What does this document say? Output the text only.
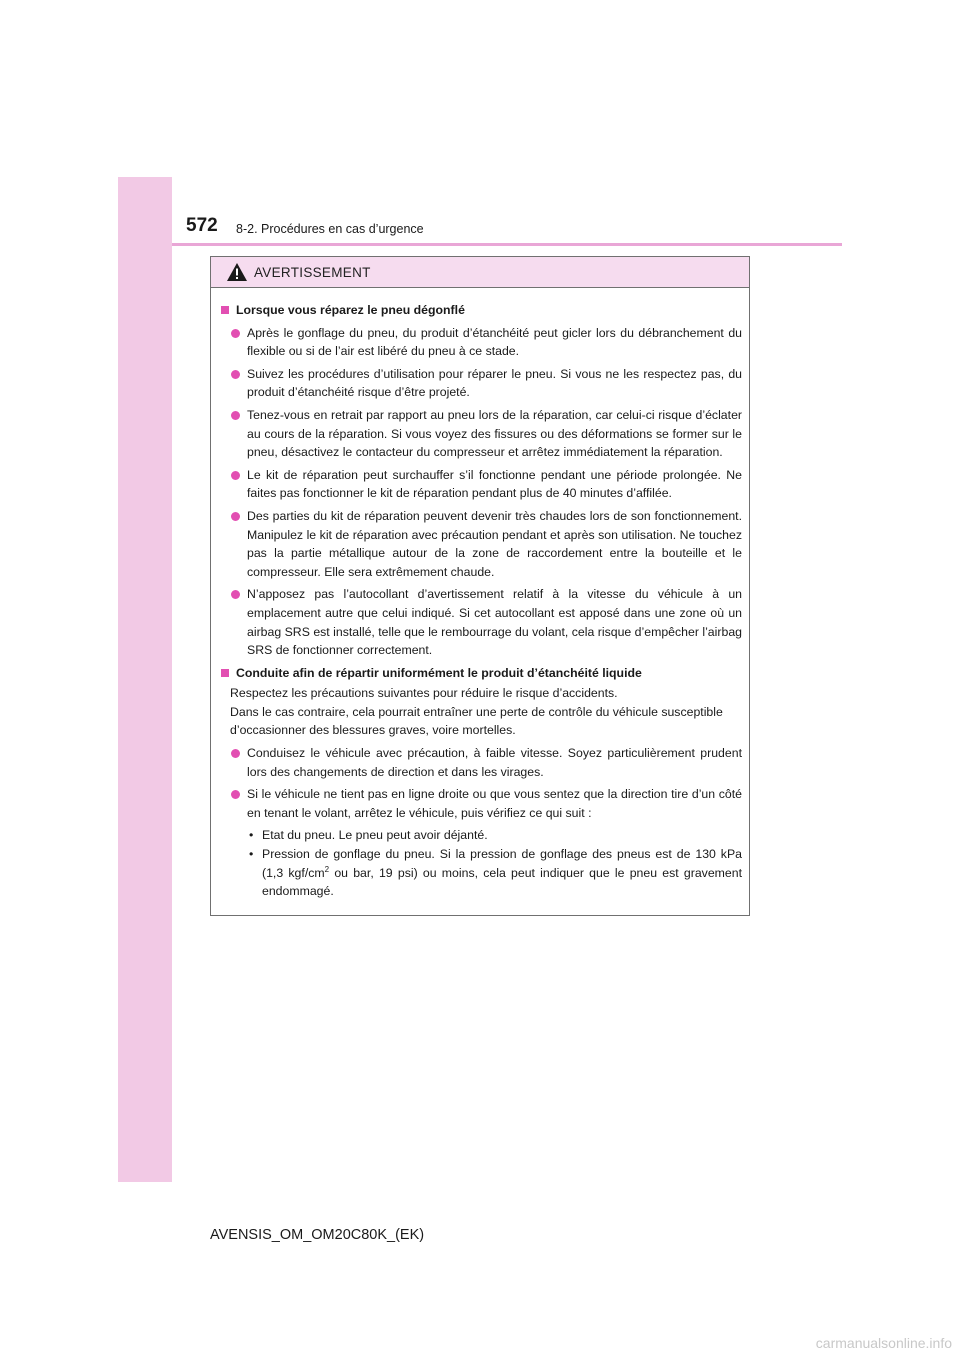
572 8-2. Procédures en cas d’urgence
AVERTISSEMENT
Lorsque vous réparez le pneu dégonflé
Après le gonflage du pneu, du produit d’étanchéité peut gicler lors du débranchement du flexible ou si de l’air est libéré du pneu à ce stade.
Suivez les procédures d’utilisation pour réparer le pneu. Si vous ne les respectez pas, du produit d’étanchéité risque d’être projeté.
Tenez-vous en retrait par rapport au pneu lors de la réparation, car celui-ci risque d’éclater au cours de la réparation. Si vous voyez des fissures ou des déformations se former sur le pneu, désactivez le contacteur du compresseur et arrêtez immédiatement la réparation.
Le kit de réparation peut surchauffer s’il fonctionne pendant une période prolongée. Ne faites pas fonctionner le kit de réparation pendant plus de 40 minutes d’affilée.
Des parties du kit de réparation peuvent devenir très chaudes lors de son fonctionnement. Manipulez le kit de réparation avec précaution pendant et après son utilisation. Ne touchez pas la partie métallique autour de la zone de raccordement entre la bouteille et le compresseur. Elle sera extrêmement chaude.
N’apposez pas l’autocollant d’avertissement relatif à la vitesse du véhicule à un emplacement autre que celui indiqué. Si cet autocollant est apposé dans une zone où un airbag SRS est installé, telle que le rembourrage du volant, cela risque d’empêcher l’airbag SRS de fonctionner correctement.
Conduite afin de répartir uniformément le produit d’étanchéité liquide
Respectez les précautions suivantes pour réduire le risque d’accidents.
Dans le cas contraire, cela pourrait entraîner une perte de contrôle du véhicule susceptible d’occasionner des blessures graves, voire mortelles.
Conduisez le véhicule avec précaution, à faible vitesse. Soyez particulièrement prudent lors des changements de direction et dans les virages.
Si le véhicule ne tient pas en ligne droite ou que vous sentez que la direction tire d’un côté en tenant le volant, arrêtez le véhicule, puis vérifiez ce qui suit :
• Etat du pneu. Le pneu peut avoir déjanté.
• Pression de gonflage du pneu. Si la pression de gonflage des pneus est de 130 kPa (1,3 kgf/$cm^2$ ou bar, 19 psi) ou moins, cela peut indiquer que le pneu est gravement endommagé.
AVENSIS_OM_OM20C80K_(EK)
carmanualsonline.info
